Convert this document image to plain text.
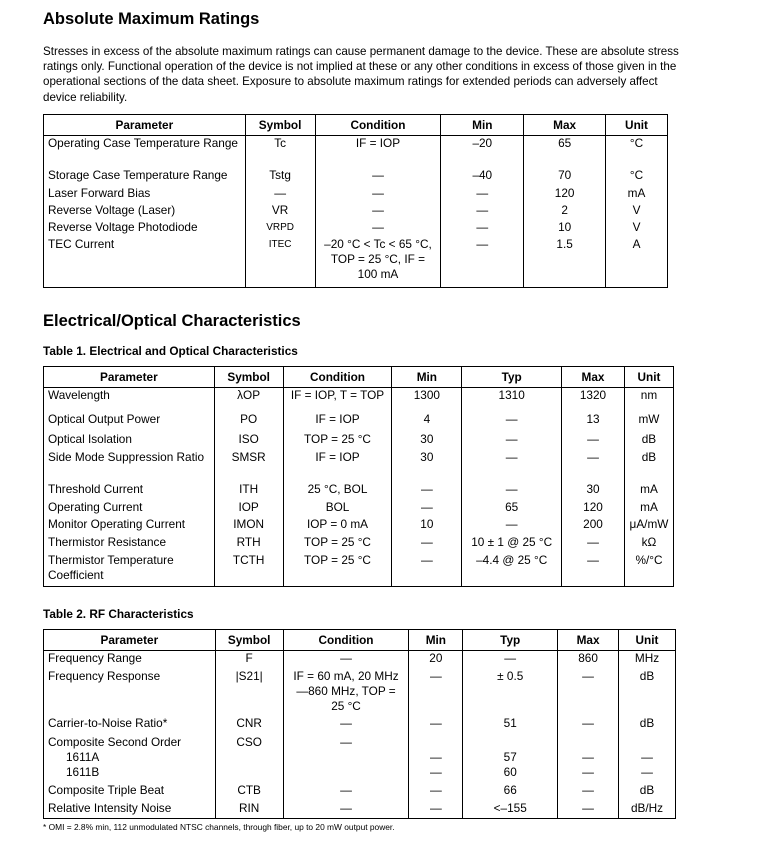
Absolute Maximum Ratings
Stresses in excess of the absolute maximum ratings can cause permanent damage to the device. These are absolute stress ratings only. Functional operation of the device is not implied at these or any other conditions in excess of those given in the operational sections of the data sheet. Exposure to absolute maximum ratings for extended periods can adversely affect device reliability.
Parameter	Symbol	Condition	Min	Max	Unit
Operating Case Temperature Range	Tc	IF = IOP	–20	65	°C
Storage Case Temperature Range	Tstg	—	–40	70	°C
Laser Forward Bias	—	—	—	120	mA
Reverse Voltage (Laser)	VR	—	—	2	V
Reverse Voltage Photodiode	VRPD	—	—	10	V
TEC Current	ITEC	–20 °C < Tc < 65 °C, TOP = 25 °C, IF = 100 mA	—	1.5	A
Electrical/Optical Characteristics
Table 1. Electrical and Optical Characteristics
Parameter	Symbol	Condition	Min	Typ	Max	Unit
Wavelength	λOP	IF = IOP, T = TOP	1300	1310	1320	nm
Optical Output Power	PO	IF = IOP	4	—	13	mW
Optical Isolation	ISO	TOP = 25 °C	30	—	—	dB
Side Mode Suppression Ratio	SMSR	IF = IOP	30	—	—	dB
Threshold Current	ITH	25 °C, BOL	—	—	30	mA
Operating Current	IOP	BOL	—	65	120	mA
Monitor Operating Current	IMON	IOP = 0 mA	10	—	200	μA/mW
Thermistor Resistance	RTH	TOP = 25 °C	—	10 ± 1 @ 25 °C	—	kΩ
Thermistor Temperature Coefficient	TCTH	TOP = 25 °C	—	–4.4 @ 25 °C	—	%/°C
Table 2. RF Characteristics
Parameter	Symbol	Condition	Min	Typ	Max	Unit
Frequency Range	F	—	20	—	860	MHz
Frequency Response	|S21|	IF = 60 mA, 20 MHz—860 MHz, TOP = 25 °C	—	± 0.5	—	dB
Carrier-to-Noise Ratio*	CNR	—	—	51	—	dB
Composite Second Order	CSO	—				
1611A			—	57	—	—
1611B			—	60	—	—
Composite Triple Beat	CTB	—	—	66	—	dB
Relative Intensity Noise	RIN	—	—	<–155	—	dB/Hz
* OMI = 2.8% min, 112 unmodulated NTSC channels, through fiber, up to 20 mW output power.
